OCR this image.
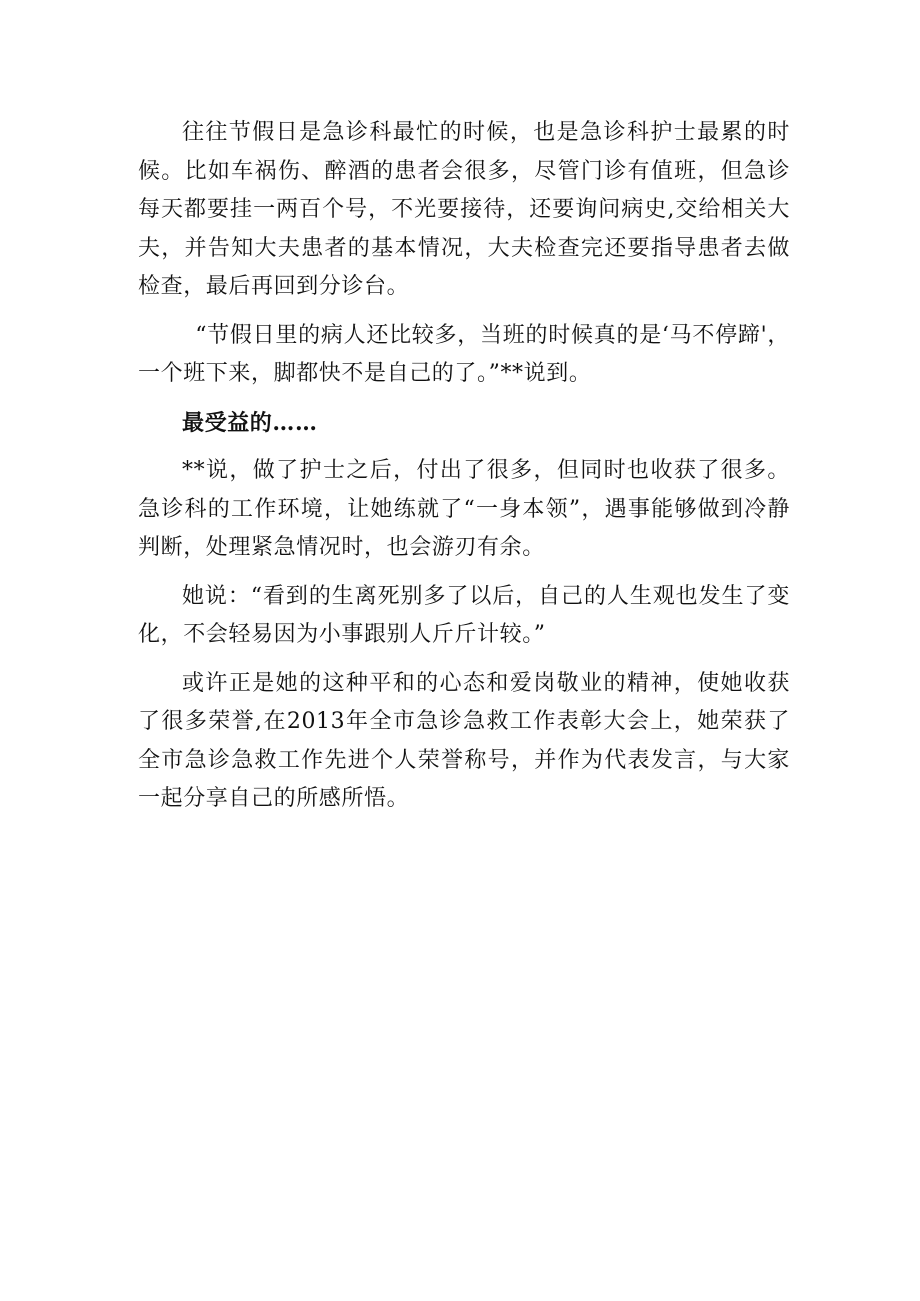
往往节假日是急诊科最忙的时候，也是急诊科护士最累的时候。比如车祸伤、醉酒的患者会很多，尽管门诊有值班，但急诊每天都要挂一两百个号，不光要接待，还要询问病史,交给相关大夫，并告知大夫患者的基本情况，大夫检查完还要指导患者去做检查，最后再回到分诊台。

“节假日里的病人还比较多，当班的时候真的是‘马不停蹄'，一个班下来，脚都快不是自己的了。”**说到。

最受益的……

**说，做了护士之后，付出了很多，但同时也收获了很多。急诊科的工作环境，让她练就了“一身本领”，遇事能够做到冷静判断，处理紧急情况时，也会游刃有余。

她说：“看到的生离死别多了以后，自己的人生观也发生了变化，不会轻易因为小事跟别人斤斤计较。”

或许正是她的这种平和的心态和爱岗敬业的精神，使她收获了很多荣誉,在2013年全市急诊急救工作表彰大会上，她荣获了全市急诊急救工作先进个人荣誉称号，并作为代表发言，与大家一起分享自己的所感所悟。
